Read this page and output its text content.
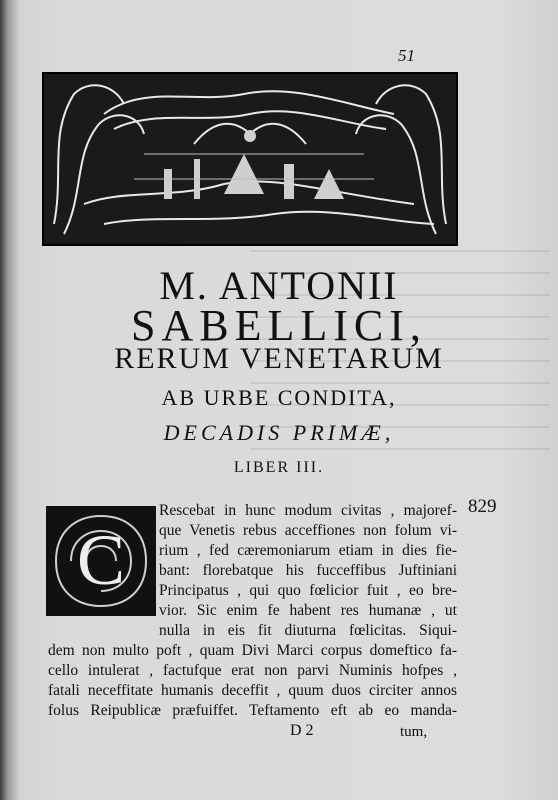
51
M. ANTONII
SABELLICI,
RERUM VENETARUM
AB URBE CONDITA,
DECADIS PRIMÆ,
LIBER III.
829
C
Rescebat in hunc modum civitas , majoref-
que Venetis rebus acceffiones non folum vi-
rium , fed cæremoniarum etiam in dies fie-
bant: florebatque his fucceffibus Juftiniani
Principatus , qui quo fœlicior fuit , eo bre-
vior. Sic enim fe habent res humanæ , ut
nulla in eis fit diuturna fœlicitas. Siqui-
dem non multo poft , quam Divi Marci corpus domeftico fa-
cello intulerat , factufque erat non parvi Numinis hofpes ,
fatali neceffitate humanis deceffit , quum duos circiter annos
folus Reipublicæ præfuiffet. Teftamento eft ab eo manda-
D 2	tum,
